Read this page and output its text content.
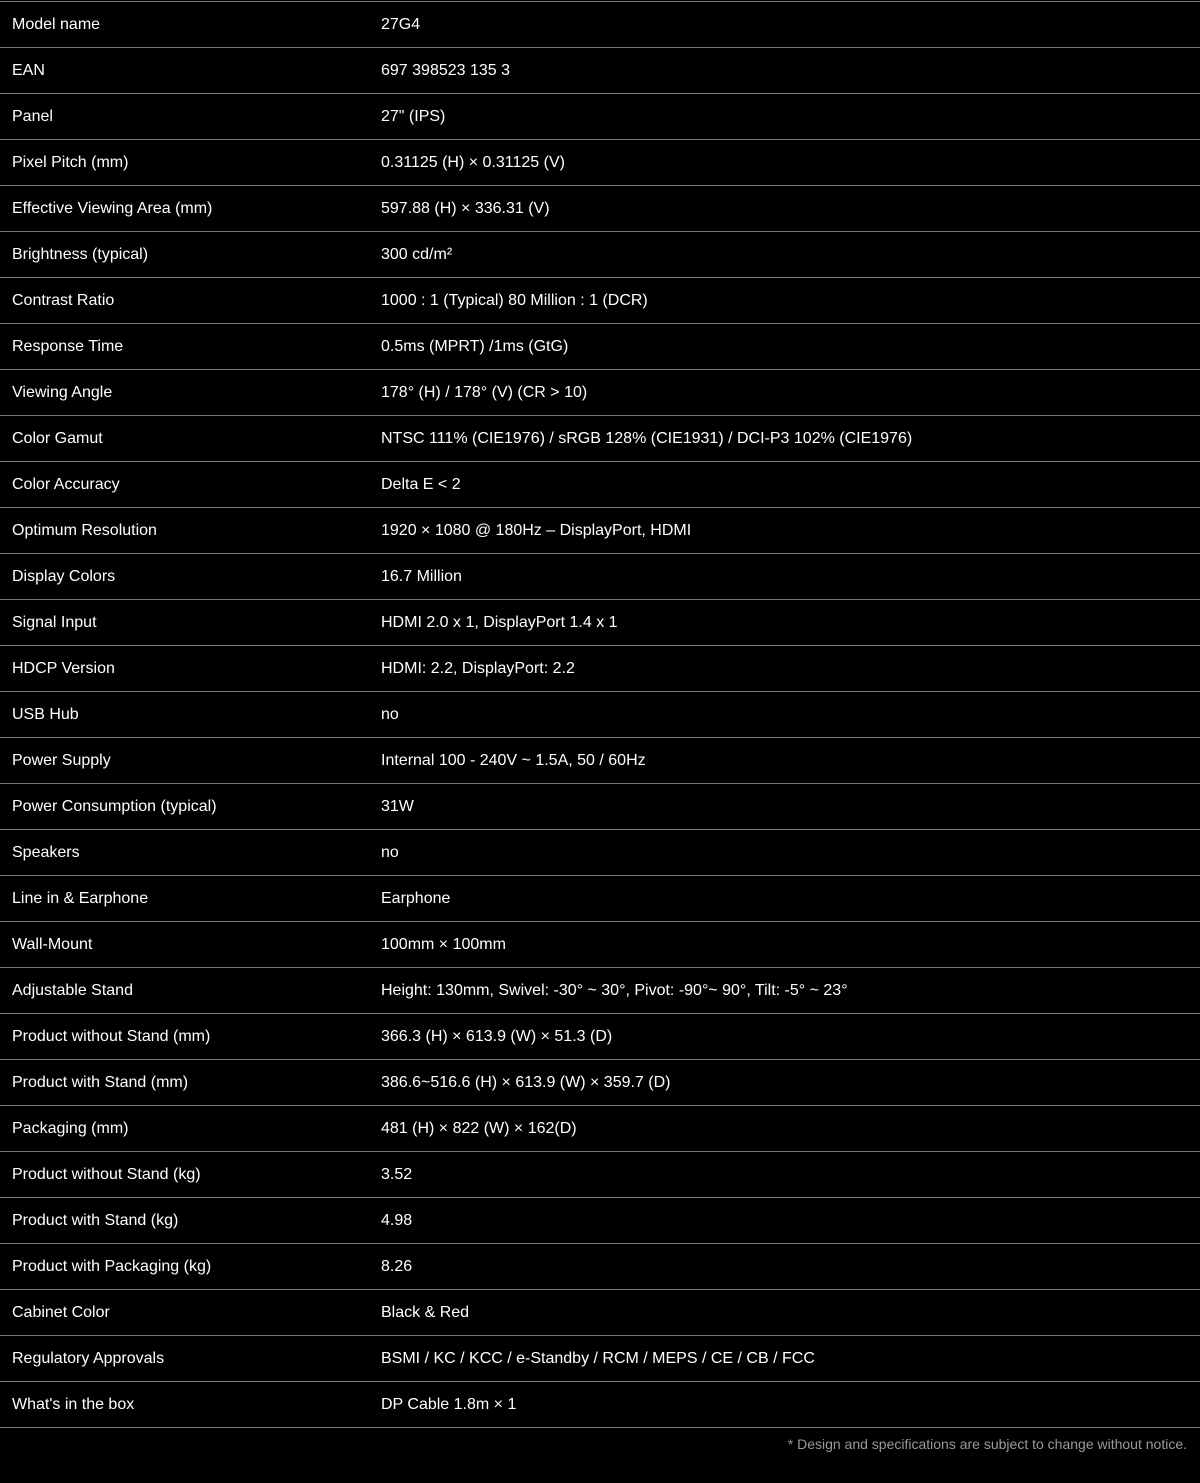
Model name	27G4
EAN	697 398523 135 3
Panel	27" (IPS)
Pixel Pitch (mm)	0.31125 (H) × 0.31125 (V)
Effective Viewing Area (mm)	597.88 (H) × 336.31 (V)
Brightness (typical)	300 cd/m²
Contrast Ratio	1000 : 1 (Typical) 80 Million : 1 (DCR)
Response Time	0.5ms (MPRT) /1ms (GtG)
Viewing Angle	178° (H) / 178° (V) (CR > 10)
Color Gamut	NTSC 111% (CIE1976) / sRGB 128% (CIE1931) / DCI-P3 102% (CIE1976)
Color Accuracy	Delta E < 2
Optimum Resolution	1920 × 1080 @ 180Hz – DisplayPort, HDMI
Display Colors	16.7 Million
Signal Input	HDMI 2.0 x 1, DisplayPort 1.4 x 1
HDCP Version	HDMI: 2.2, DisplayPort: 2.2
USB Hub	no
Power Supply	Internal 100 - 240V ~ 1.5A, 50 / 60Hz
Power Consumption (typical)	31W
Speakers	no
Line in & Earphone	Earphone
Wall-Mount	100mm × 100mm
Adjustable Stand	Height: 130mm, Swivel: -30° ~ 30°, Pivot: -90°~ 90°, Tilt: -5° ~ 23°
Product without Stand (mm)	366.3 (H) × 613.9 (W) × 51.3 (D)
Product with Stand (mm)	386.6~516.6 (H) × 613.9 (W) × 359.7 (D)
Packaging (mm)	481 (H) × 822 (W) × 162(D)
Product without Stand (kg)	3.52
Product with Stand (kg)	4.98
Product with Packaging (kg)	8.26
Cabinet Color	Black & Red
Regulatory Approvals	BSMI / KC / KCC / e-Standby / RCM / MEPS / CE / CB / FCC
What's in the box	DP Cable 1.8m × 1
* Design and specifications are subject to change without notice.
